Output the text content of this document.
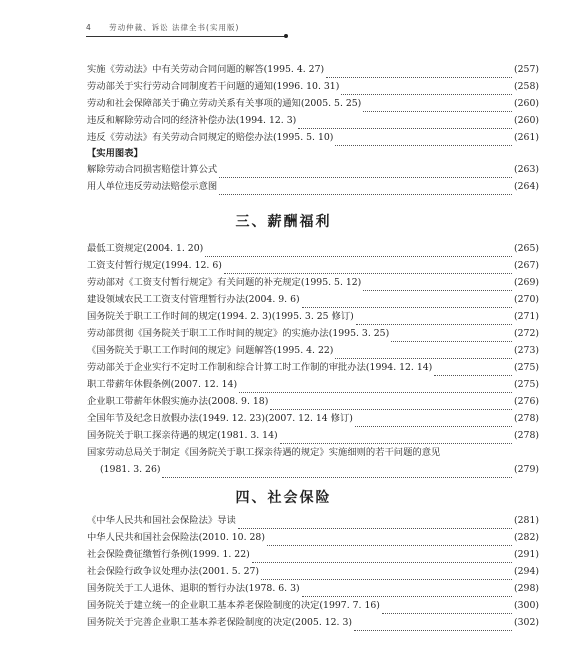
4 劳动仲裁、诉讼 法律全书(实用版)
实施《劳动法》中有关劳动合同问题的解答(1995. 4. 27)	(257)
劳动部关于实行劳动合同制度若干问题的通知(1996. 10. 31)	(258)
劳动和社会保障部关于确立劳动关系有关事项的通知(2005. 5. 25)	(260)
违反和解除劳动合同的经济补偿办法(1994. 12. 3)	(260)
违反《劳动法》有关劳动合同规定的赔偿办法(1995. 5. 10)	(261)
【实用图表】
解除劳动合同损害赔偿计算公式	(263)
用人单位违反劳动法赔偿示意图	(264)
三、薪酬福利
最低工资规定(2004. 1. 20)	(265)
工资支付暂行规定(1994. 12. 6)	(267)
劳动部对《工资支付暂行规定》有关问题的补充规定(1995. 5. 12)	(269)
建设领域农民工工资支付管理暂行办法(2004. 9. 6)	(270)
国务院关于职工工作时间的规定(1994. 2. 3)(1995. 3. 25 修订)	(271)
劳动部贯彻《国务院关于职工工作时间的规定》的实施办法(1995. 3. 25)	(272)
《国务院关于职工工作时间的规定》问题解答(1995. 4. 22)	(273)
劳动部关于企业实行不定时工作制和综合计算工时工作制的审批办法(1994. 12. 14)	(275)
职工带薪年休假条例(2007. 12. 14)	(275)
企业职工带薪年休假实施办法(2008. 9. 18)	(276)
全国年节及纪念日放假办法(1949. 12. 23)(2007. 12. 14 修订)	(278)
国务院关于职工探亲待遇的规定(1981. 3. 14)	(278)
国家劳动总局关于制定《国务院关于职工探亲待遇的规定》实施细则的若干问题的意见
(1981. 3. 26)	(279)
四、社会保险
《中华人民共和国社会保险法》导读	(281)
中华人民共和国社会保险法(2010. 10. 28)	(282)
社会保险费征缴暂行条例(1999. 1. 22)	(291)
社会保险行政争议处理办法(2001. 5. 27)	(294)
国务院关于工人退休、退职的暂行办法(1978. 6. 3)	(298)
国务院关于建立统一的企业职工基本养老保险制度的决定(1997. 7. 16)	(300)
国务院关于完善企业职工基本养老保险制度的决定(2005. 12. 3)	(302)
